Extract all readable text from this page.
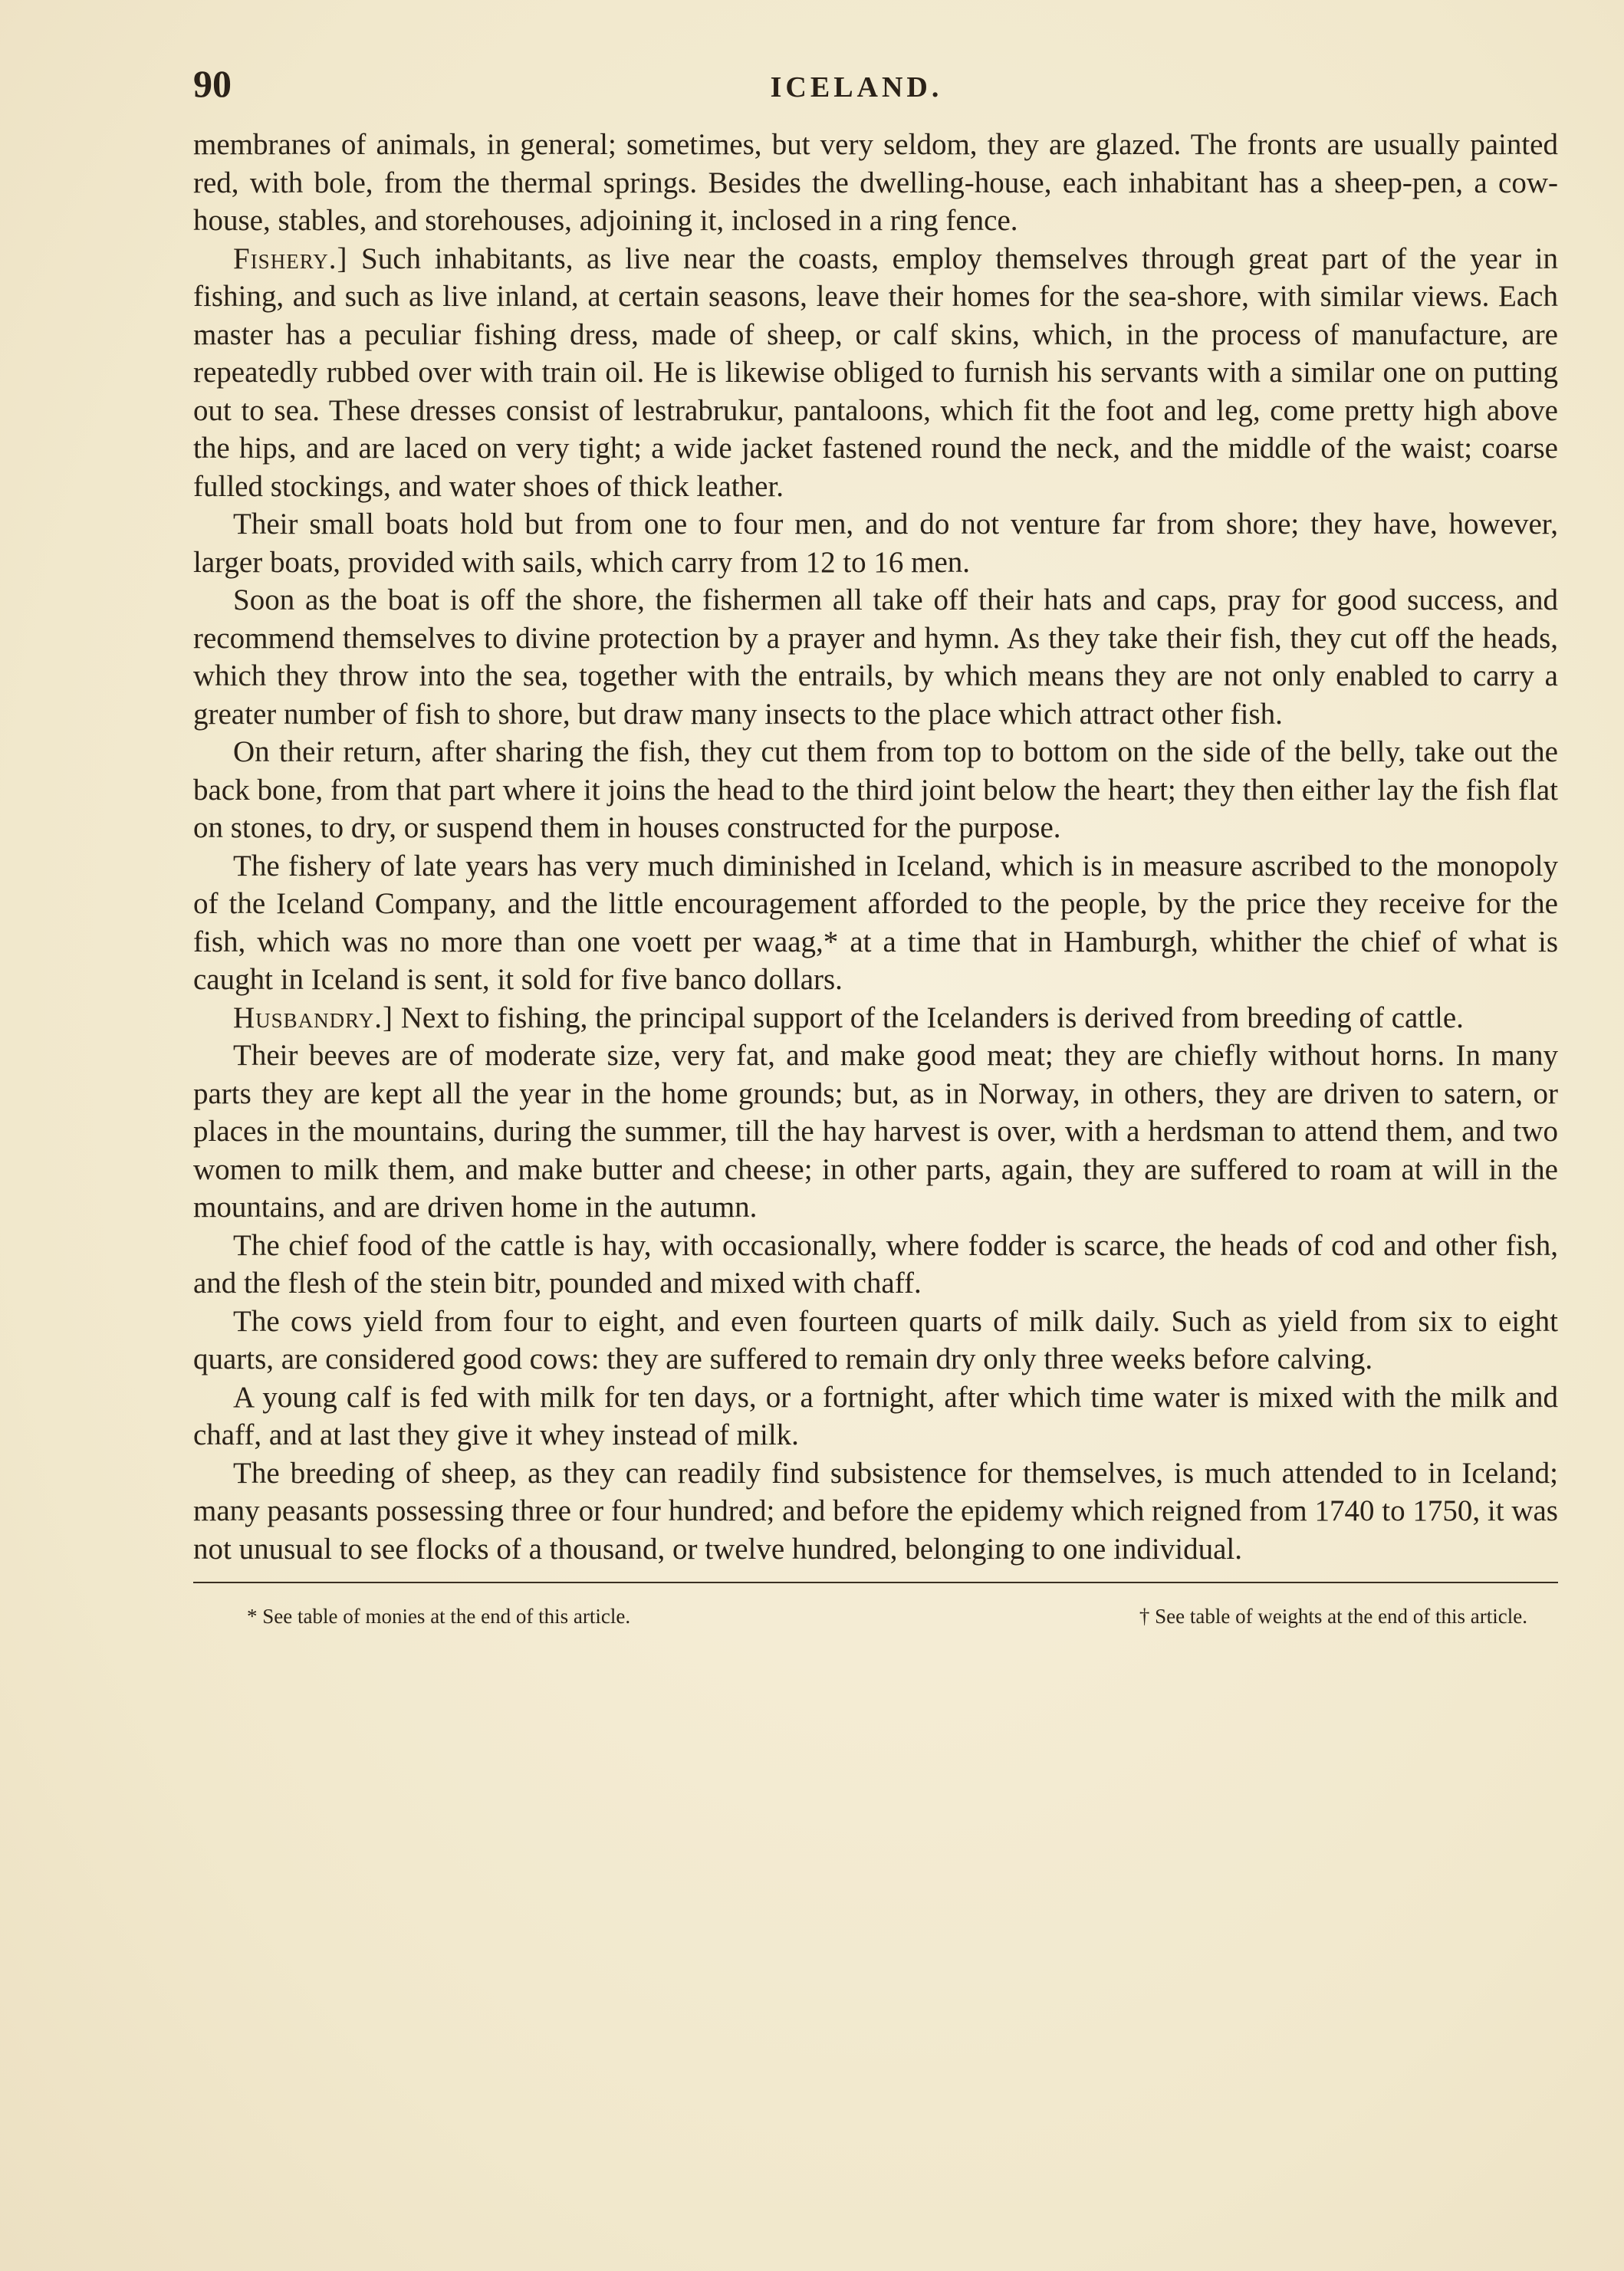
90	ICELAND.

membranes of animals, in general; sometimes, but very seldom, they are glazed. The fronts are usually painted red, with bole, from the thermal springs. Besides the dwelling-house, each inhabitant has a sheep-pen, a cow-house, stables, and storehouses, adjoining it, inclosed in a ring fence.

Fishery.] Such inhabitants, as live near the coasts, employ themselves through great part of the year in fishing, and such as live inland, at certain seasons, leave their homes for the sea-shore, with similar views. Each master has a peculiar fishing dress, made of sheep, or calf skins, which, in the process of manufacture, are repeatedly rubbed over with train oil. He is likewise obliged to furnish his servants with a similar one on putting out to sea. These dresses consist of lestrabrukur, pantaloons, which fit the foot and leg, come pretty high above the hips, and are laced on very tight; a wide jacket fastened round the neck, and the middle of the waist; coarse fulled stockings, and water shoes of thick leather.

Their small boats hold but from one to four men, and do not venture far from shore; they have, however, larger boats, provided with sails, which carry from 12 to 16 men.

Soon as the boat is off the shore, the fishermen all take off their hats and caps, pray for good success, and recommend themselves to divine protection by a prayer and hymn. As they take their fish, they cut off the heads, which they throw into the sea, together with the entrails, by which means they are not only enabled to carry a greater number of fish to shore, but draw many insects to the place which attract other fish.

On their return, after sharing the fish, they cut them from top to bottom on the side of the belly, take out the back bone, from that part where it joins the head to the third joint below the heart; they then either lay the fish flat on stones, to dry, or suspend them in houses constructed for the purpose.

The fishery of late years has very much diminished in Iceland, which is in measure ascribed to the monopoly of the Iceland Company, and the little encouragement afforded to the people, by the price they receive for the fish, which was no more than one voett per waag,* at a time that in Hamburgh, whither the chief of what is caught in Iceland is sent, it sold for five banco dollars.

Husbandry.] Next to fishing, the principal support of the Icelanders is derived from breeding of cattle.

Their beeves are of moderate size, very fat, and make good meat; they are chiefly without horns. In many parts they are kept all the year in the home grounds; but, as in Norway, in others, they are driven to satern, or places in the mountains, during the summer, till the hay harvest is over, with a herdsman to attend them, and two women to milk them, and make butter and cheese; in other parts, again, they are suffered to roam at will in the mountains, and are driven home in the autumn.

The chief food of the cattle is hay, with occasionally, where fodder is scarce, the heads of cod and other fish, and the flesh of the stein bitr, pounded and mixed with chaff.

The cows yield from four to eight, and even fourteen quarts of milk daily. Such as yield from six to eight quarts, are considered good cows: they are suffered to remain dry only three weeks before calving.

A young calf is fed with milk for ten days, or a fortnight, after which time water is mixed with the milk and chaff, and at last they give it whey instead of milk.

The breeding of sheep, as they can readily find subsistence for themselves, is much attended to in Iceland; many peasants possessing three or four hundred; and before the epidemy which reigned from 1740 to 1750, it was not unusual to see flocks of a thousand, or twelve hundred, belonging to one individual.

* See table of monies at the end of this article.	† See table of weights at the end of this article.
